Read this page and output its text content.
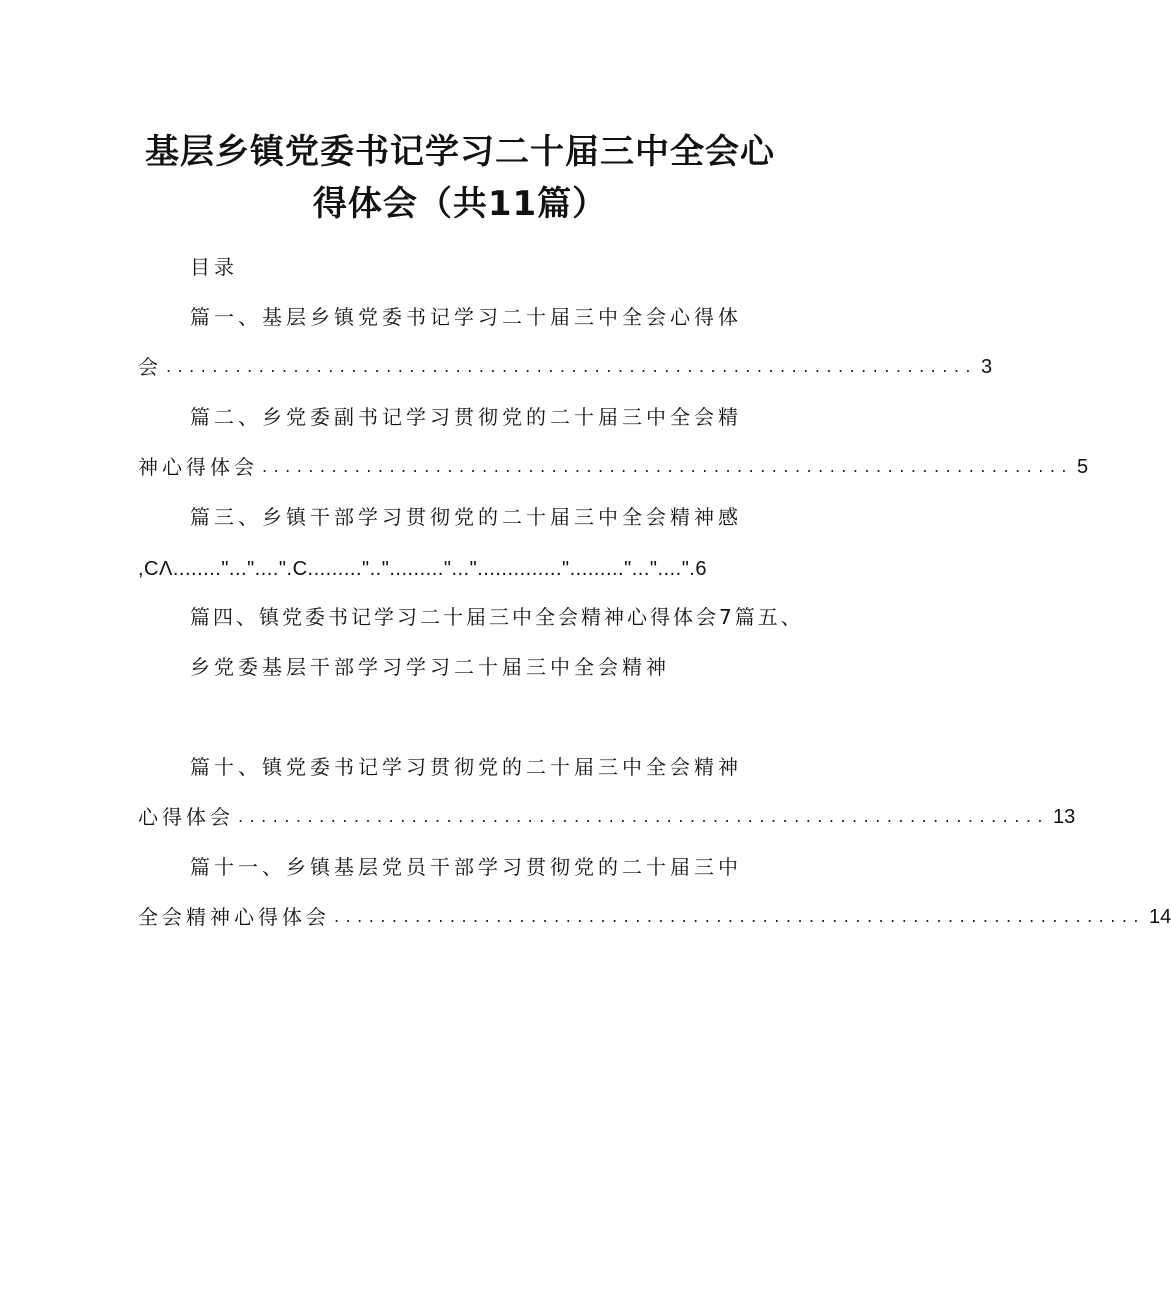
基层乡镇党委书记学习二十届三中全会心
得体会（共11篇）
目录
篇一、基层乡镇党委书记学习二十届三中全会心得体
会 ...................................................................... 3
篇二、乡党委副书记学习贯彻党的二十届三中全会精
神心得体会 ...................................................................... 5
篇三、乡镇干部学习贯彻党的二十届三中全会精神感
,CΛ........"..."....".C.........".."........."...".............."........."..."....".6
篇四、镇党委书记学习二十届三中全会精神心得体会7篇五、
乡党委基层干部学习学习二十届三中全会精神
篇十、镇党委书记学习贯彻党的二十届三中全会精神
心得体会 ...................................................................... 13
篇十一、乡镇基层党员干部学习贯彻党的二十届三中
全会精神心得体会 ...................................................................... 14
